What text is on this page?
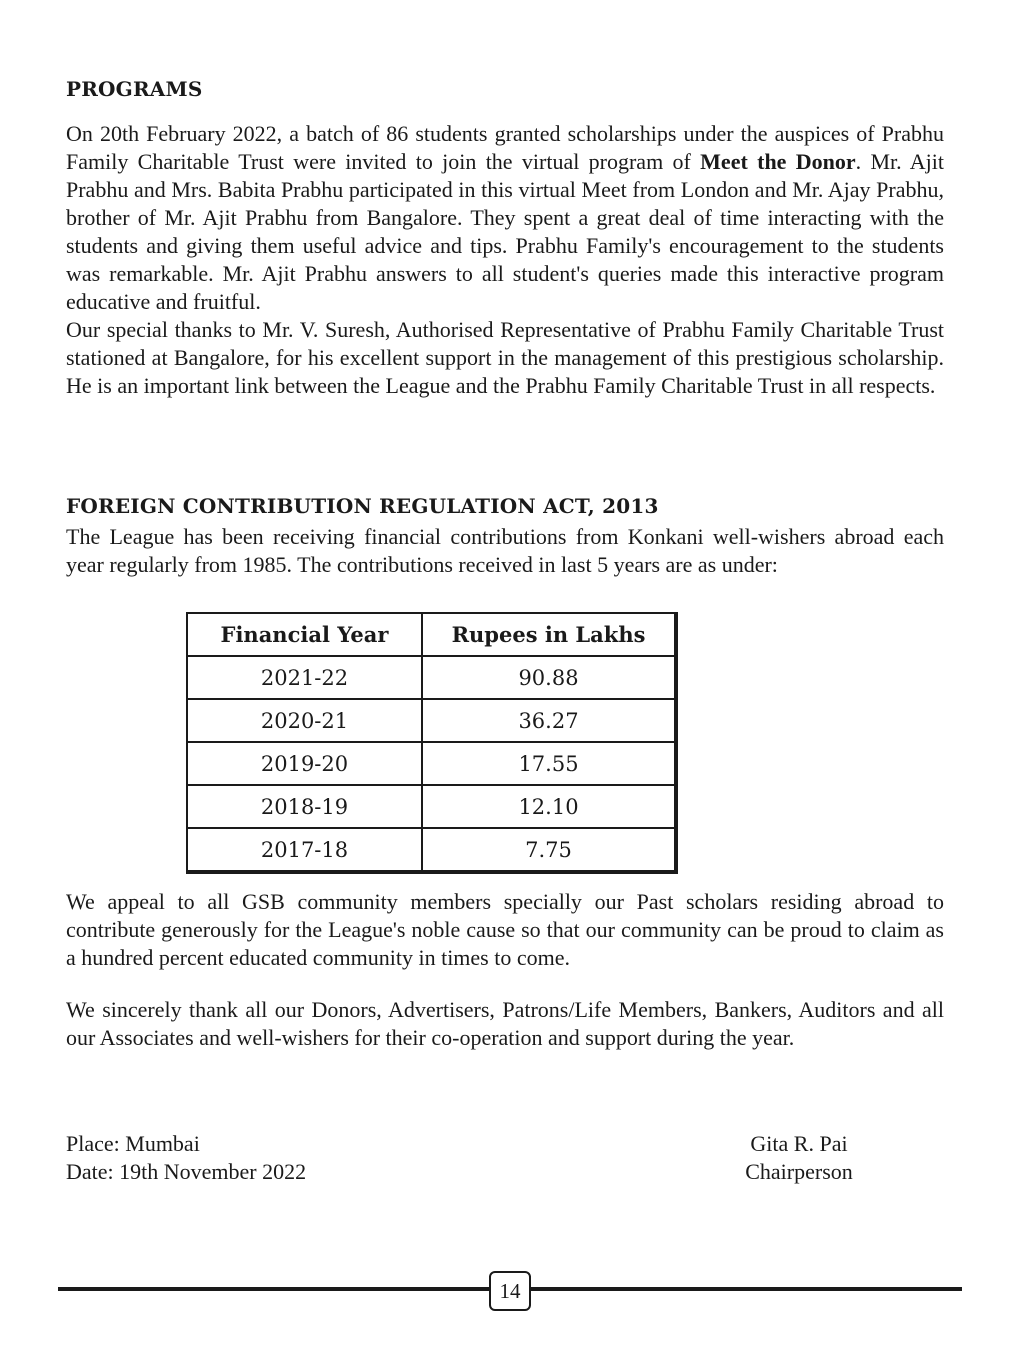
PROGRAMS

On 20th February 2022, a batch of 86 students granted scholarships under the auspices of Prabhu Family Charitable Trust were invited to join the virtual program of Meet the Donor. Mr. Ajit Prabhu and Mrs. Babita Prabhu participated in this virtual Meet from London and Mr. Ajay Prabhu, brother of Mr. Ajit Prabhu from Bangalore. They spent a great deal of time interacting with the students and giving them useful advice and tips. Prabhu Family's encouragement to the students was remarkable. Mr. Ajit Prabhu answers to all student's queries made this interactive program educative and fruitful.

Our special thanks to Mr. V. Suresh, Authorised Representative of Prabhu Family Charitable Trust stationed at Bangalore, for his excellent support in the management of this prestigious scholarship. He is an important link between the League and the Prabhu Family Charitable Trust in all respects.

FOREIGN CONTRIBUTION REGULATION ACT, 2013

The League has been receiving financial contributions from Konkani well-wishers abroad each year regularly from 1985. The contributions received in last 5 years are as under:

Financial Year	Rupees in Lakhs
2021-22	90.88
2020-21	36.27
2019-20	17.55
2018-19	12.10
2017-18	7.75

We appeal to all GSB community members specially our Past scholars residing abroad to contribute generously for the League's noble cause so that our community can be proud to claim as a hundred percent educated community in times to come.

We sincerely thank all our Donors, Advertisers, Patrons/Life Members, Bankers, Auditors and all our Associates and well-wishers for their co-operation and support during the year.

Place: Mumbai
Date: 19th November 2022
Gita R. Pai
Chairperson
14
